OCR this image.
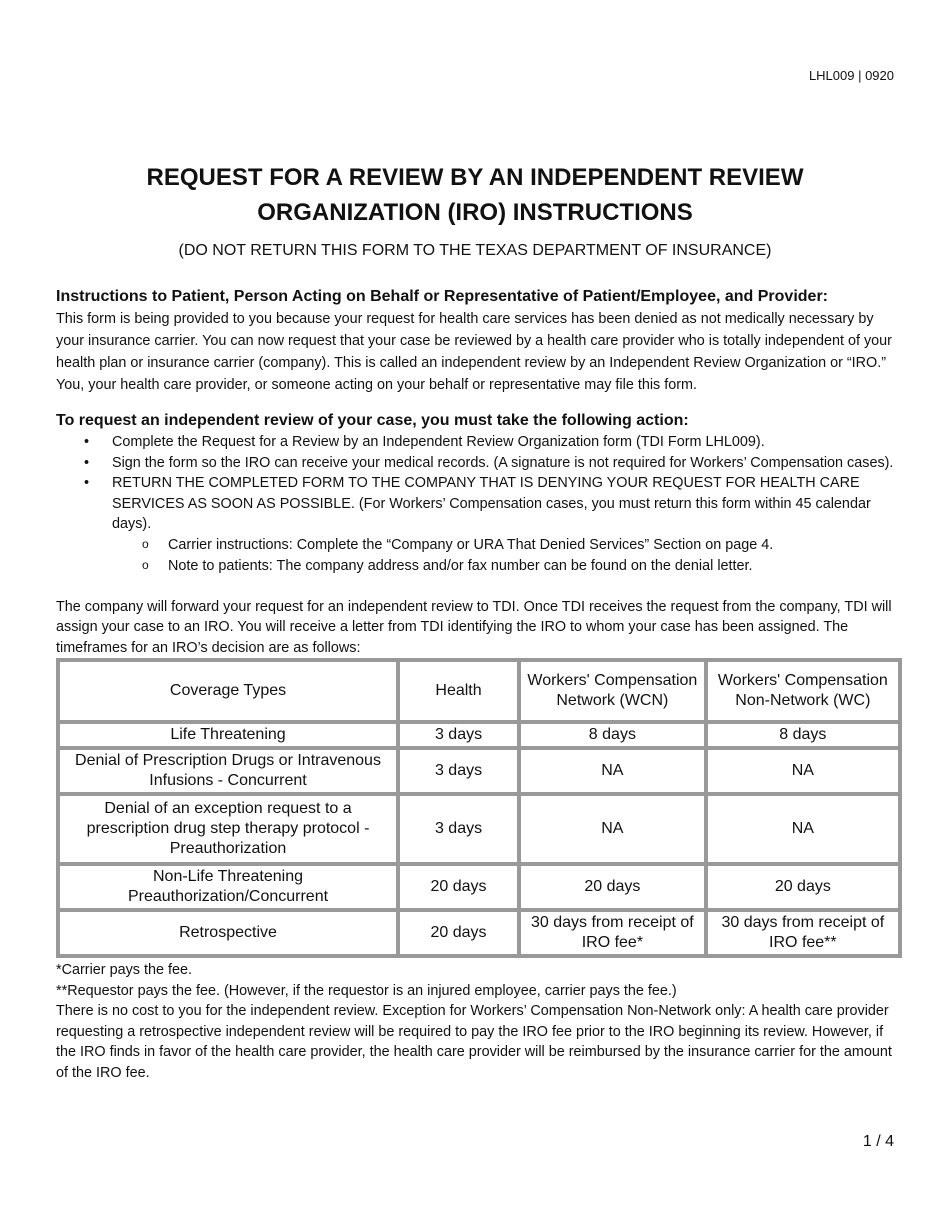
LHL009 | 0920
REQUEST FOR A REVIEW BY AN INDEPENDENT REVIEW
ORGANIZATION (IRO) INSTRUCTIONS

(DO NOT RETURN THIS FORM TO THE TEXAS DEPARTMENT OF INSURANCE)

Instructions to Patient, Person Acting on Behalf or Representative of Patient/Employee, and Provider:

This form is being provided to you because your request for health care services has been denied as not medically necessary by your insurance carrier. You can now request that your case be reviewed by a health care provider who is totally independent of your health plan or insurance carrier (company). This is called an independent review by an Independent Review Organization or “IRO.” You, your health care provider, or someone acting on your behalf or representative may file this form.

To request an independent review of your case, you must take the following action:

• Complete the Request for a Review by an Independent Review Organization form (TDI Form LHL009).
• Sign the form so the IRO can receive your medical records. (A signature is not required for Workers’ Compensation cases).
• RETURN THE COMPLETED FORM TO THE COMPANY THAT IS DENYING YOUR REQUEST FOR HEALTH CARE SERVICES AS SOON AS POSSIBLE. (For Workers’ Compensation cases, you must return this form within 45 calendar days).
o Carrier instructions: Complete the “Company or URA That Denied Services” Section on page 4.
o Note to patients: The company address and/or fax number can be found on the denial letter.

The company will forward your request for an independent review to TDI. Once TDI receives the request from the company, TDI will assign your case to an IRO. You will receive a letter from TDI identifying the IRO to whom your case has been assigned. The timeframes for an IRO’s decision are as follows:

Coverage Types	Health	Workers' Compensation Network (WCN)	Workers' Compensation Non-Network (WC)
Life Threatening	3 days	8 days	8 days
Denial of Prescription Drugs or Intravenous Infusions - Concurrent	3 days	NA	NA
Denial of an exception request to a prescription drug step therapy protocol - Preauthorization	3 days	NA	NA
Non-Life Threatening Preauthorization/Concurrent	20 days	20 days	20 days
Retrospective	20 days	30 days from receipt of IRO fee*	30 days from receipt of IRO fee**

*Carrier pays the fee.

**Requestor pays the fee. (However, if the requestor is an injured employee, carrier pays the fee.)

There is no cost to you for the independent review. Exception for Workers’ Compensation Non-Network only: A health care provider requesting a retrospective independent review will be required to pay the IRO fee prior to the IRO beginning its review. However, if the IRO finds in favor of the health care provider, the health care provider will be reimbursed by the insurance carrier for the amount of the IRO fee.

1 / 4
